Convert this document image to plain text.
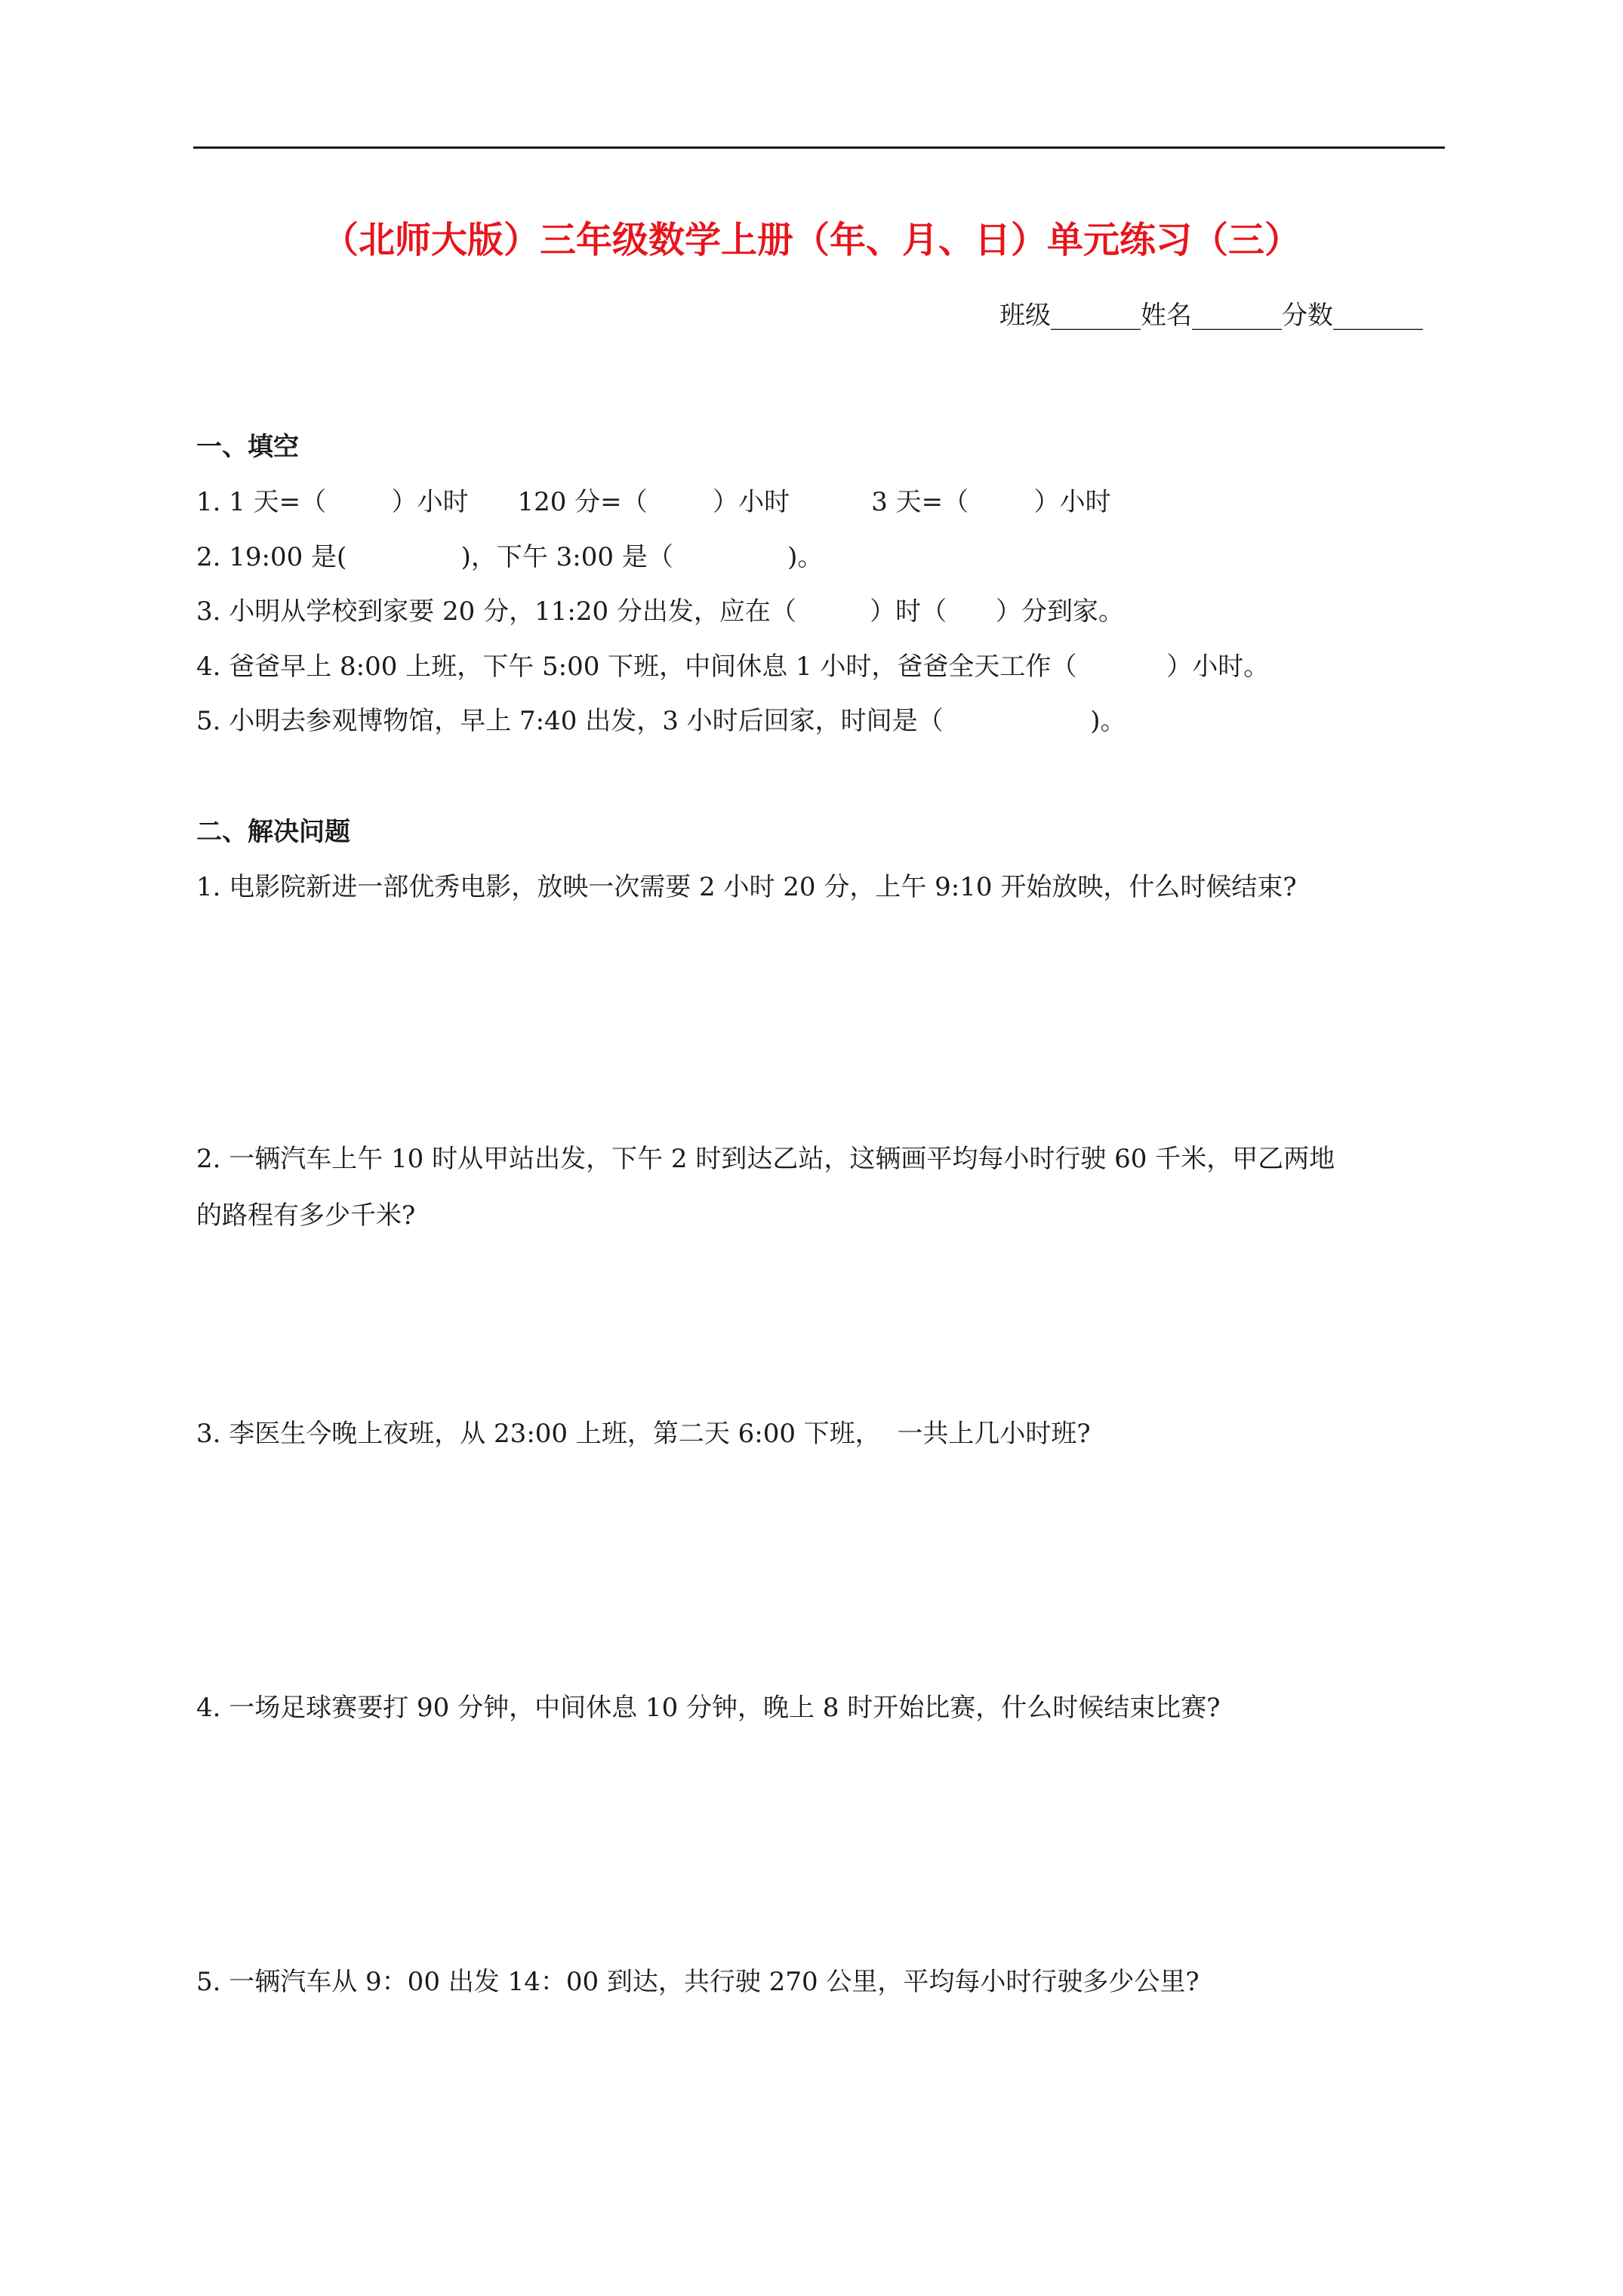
（北师大版）三年级数学上册（年、月、日）单元练习（三）
班级_______姓名_______分数_______
一、填空
1. 1 天=（        ）小时      120 分=（        ）小时          3 天=（        ）小时
2. 19:00 是(              )，下午 3:00 是（              )。
3. 小明从学校到家要 20 分，11:20 分出发，应在（         ）时（      ）分到家。
4. 爸爸早上 8:00 上班，下午 5:00 下班，中间休息 1 小时，爸爸全天工作（           ）小时。
5. 小明去参观博物馆，早上 7:40 出发，3 小时后回家，时间是（                  )。
二、解决问题
1. 电影院新进一部优秀电影，放映一次需要 2 小时 20 分，上午 9:10 开始放映，什么时候结束?
2. 一辆汽车上午 10 时从甲站出发，下午 2 时到达乙站，这辆画平均每小时行驶 60 千米，甲乙两地
的路程有多少千米?
3. 李医生今晚上夜班，从 23:00 上班，第二天 6:00 下班，  一共上几小时班?
4. 一场足球赛要打 90 分钟，中间休息 10 分钟，晚上 8 时开始比赛，什么时候结束比赛?
5. 一辆汽车从 9：00 出发 14：00 到达，共行驶 270 公里，平均每小时行驶多少公里?
